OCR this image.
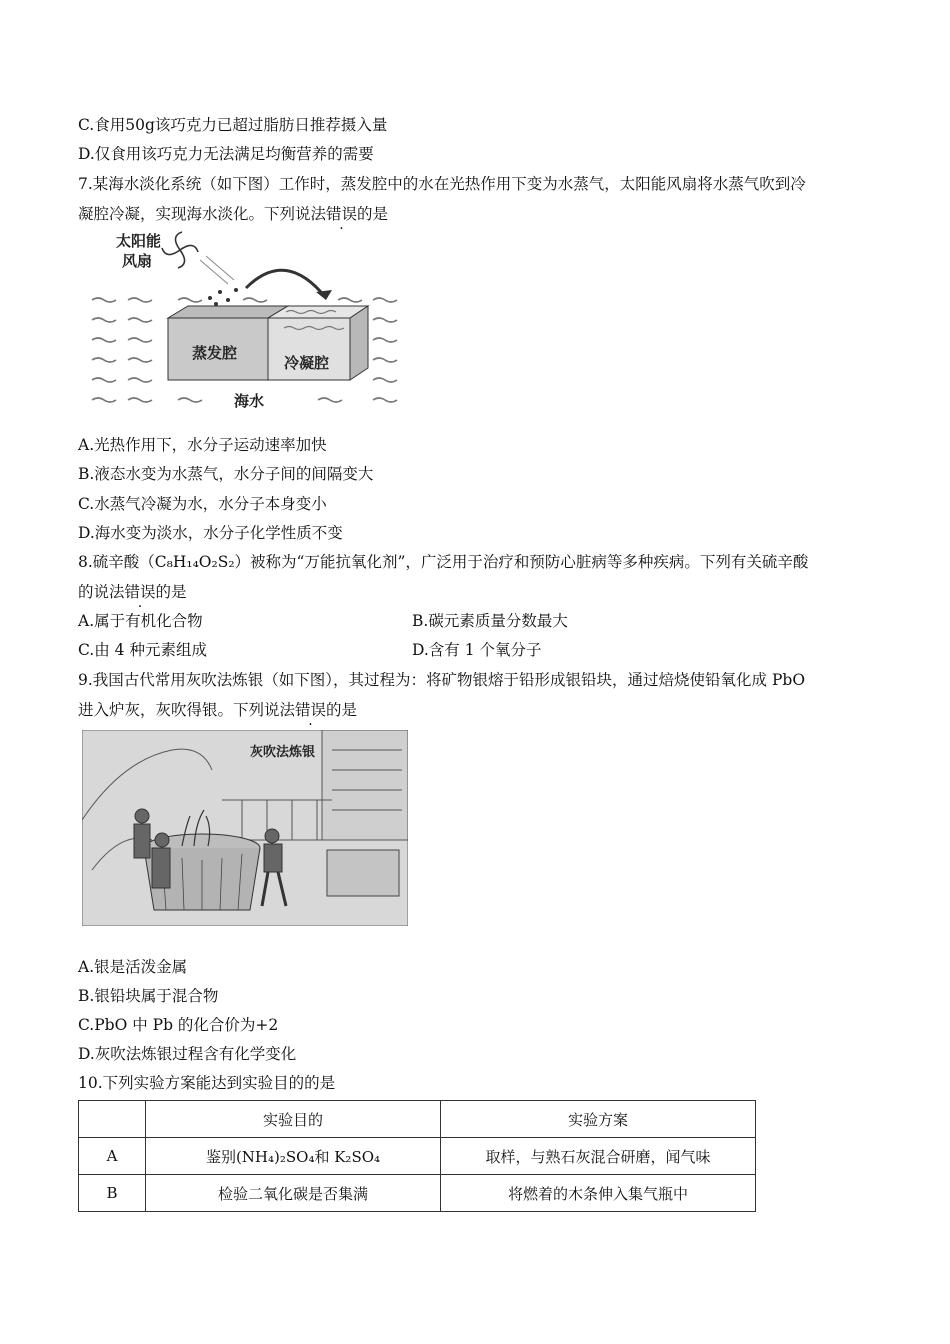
C.食用50g该巧克力已超过脂肪日推荐摄入量
D.仅食用该巧克力无法满足均衡营养的需要
7.某海水淡化系统（如下图）工作时，蒸发腔中的水在光热作用下变为水蒸气，太阳能风扇将水蒸气吹到冷
凝腔冷凝，实现海水淡化。下列说法错误的是
太阳能
风扇
蒸发腔
冷凝腔
海水
A.光热作用下，水分子运动速率加快
B.液态水变为水蒸气，水分子间的间隔变大
C.水蒸气冷凝为水，水分子本身变小
D.海水变为淡水，水分子化学性质不变
8.硫辛酸（C₈H₁₄O₂S₂）被称为“万能抗氧化剂”，广泛用于治疗和预防心脏病等多种疾病。下列有关硫辛酸
的说法错误的是
A.属于有机化合物	B.碳元素质量分数最大
C.由 4 种元素组成	D.含有 1 个氧分子
9.我国古代常用灰吹法炼银（如下图），其过程为：将矿物银熔于铅形成银铅块，通过焙烧使铅氧化成 PbO
进入炉灰，灰吹得银。下列说法错误的是
灰吹法炼银
A.银是活泼金属
B.银铅块属于混合物
C.PbO 中 Pb 的化合价为+2
D.灰吹法炼银过程含有化学变化
10.下列实验方案能达到实验目的的是
	实验目的	实验方案
A	鉴别(NH₄)₂SO₄和 K₂SO₄	取样，与熟石灰混合研磨，闻气味
B	检验二氧化碳是否集满	将燃着的木条伸入集气瓶中
